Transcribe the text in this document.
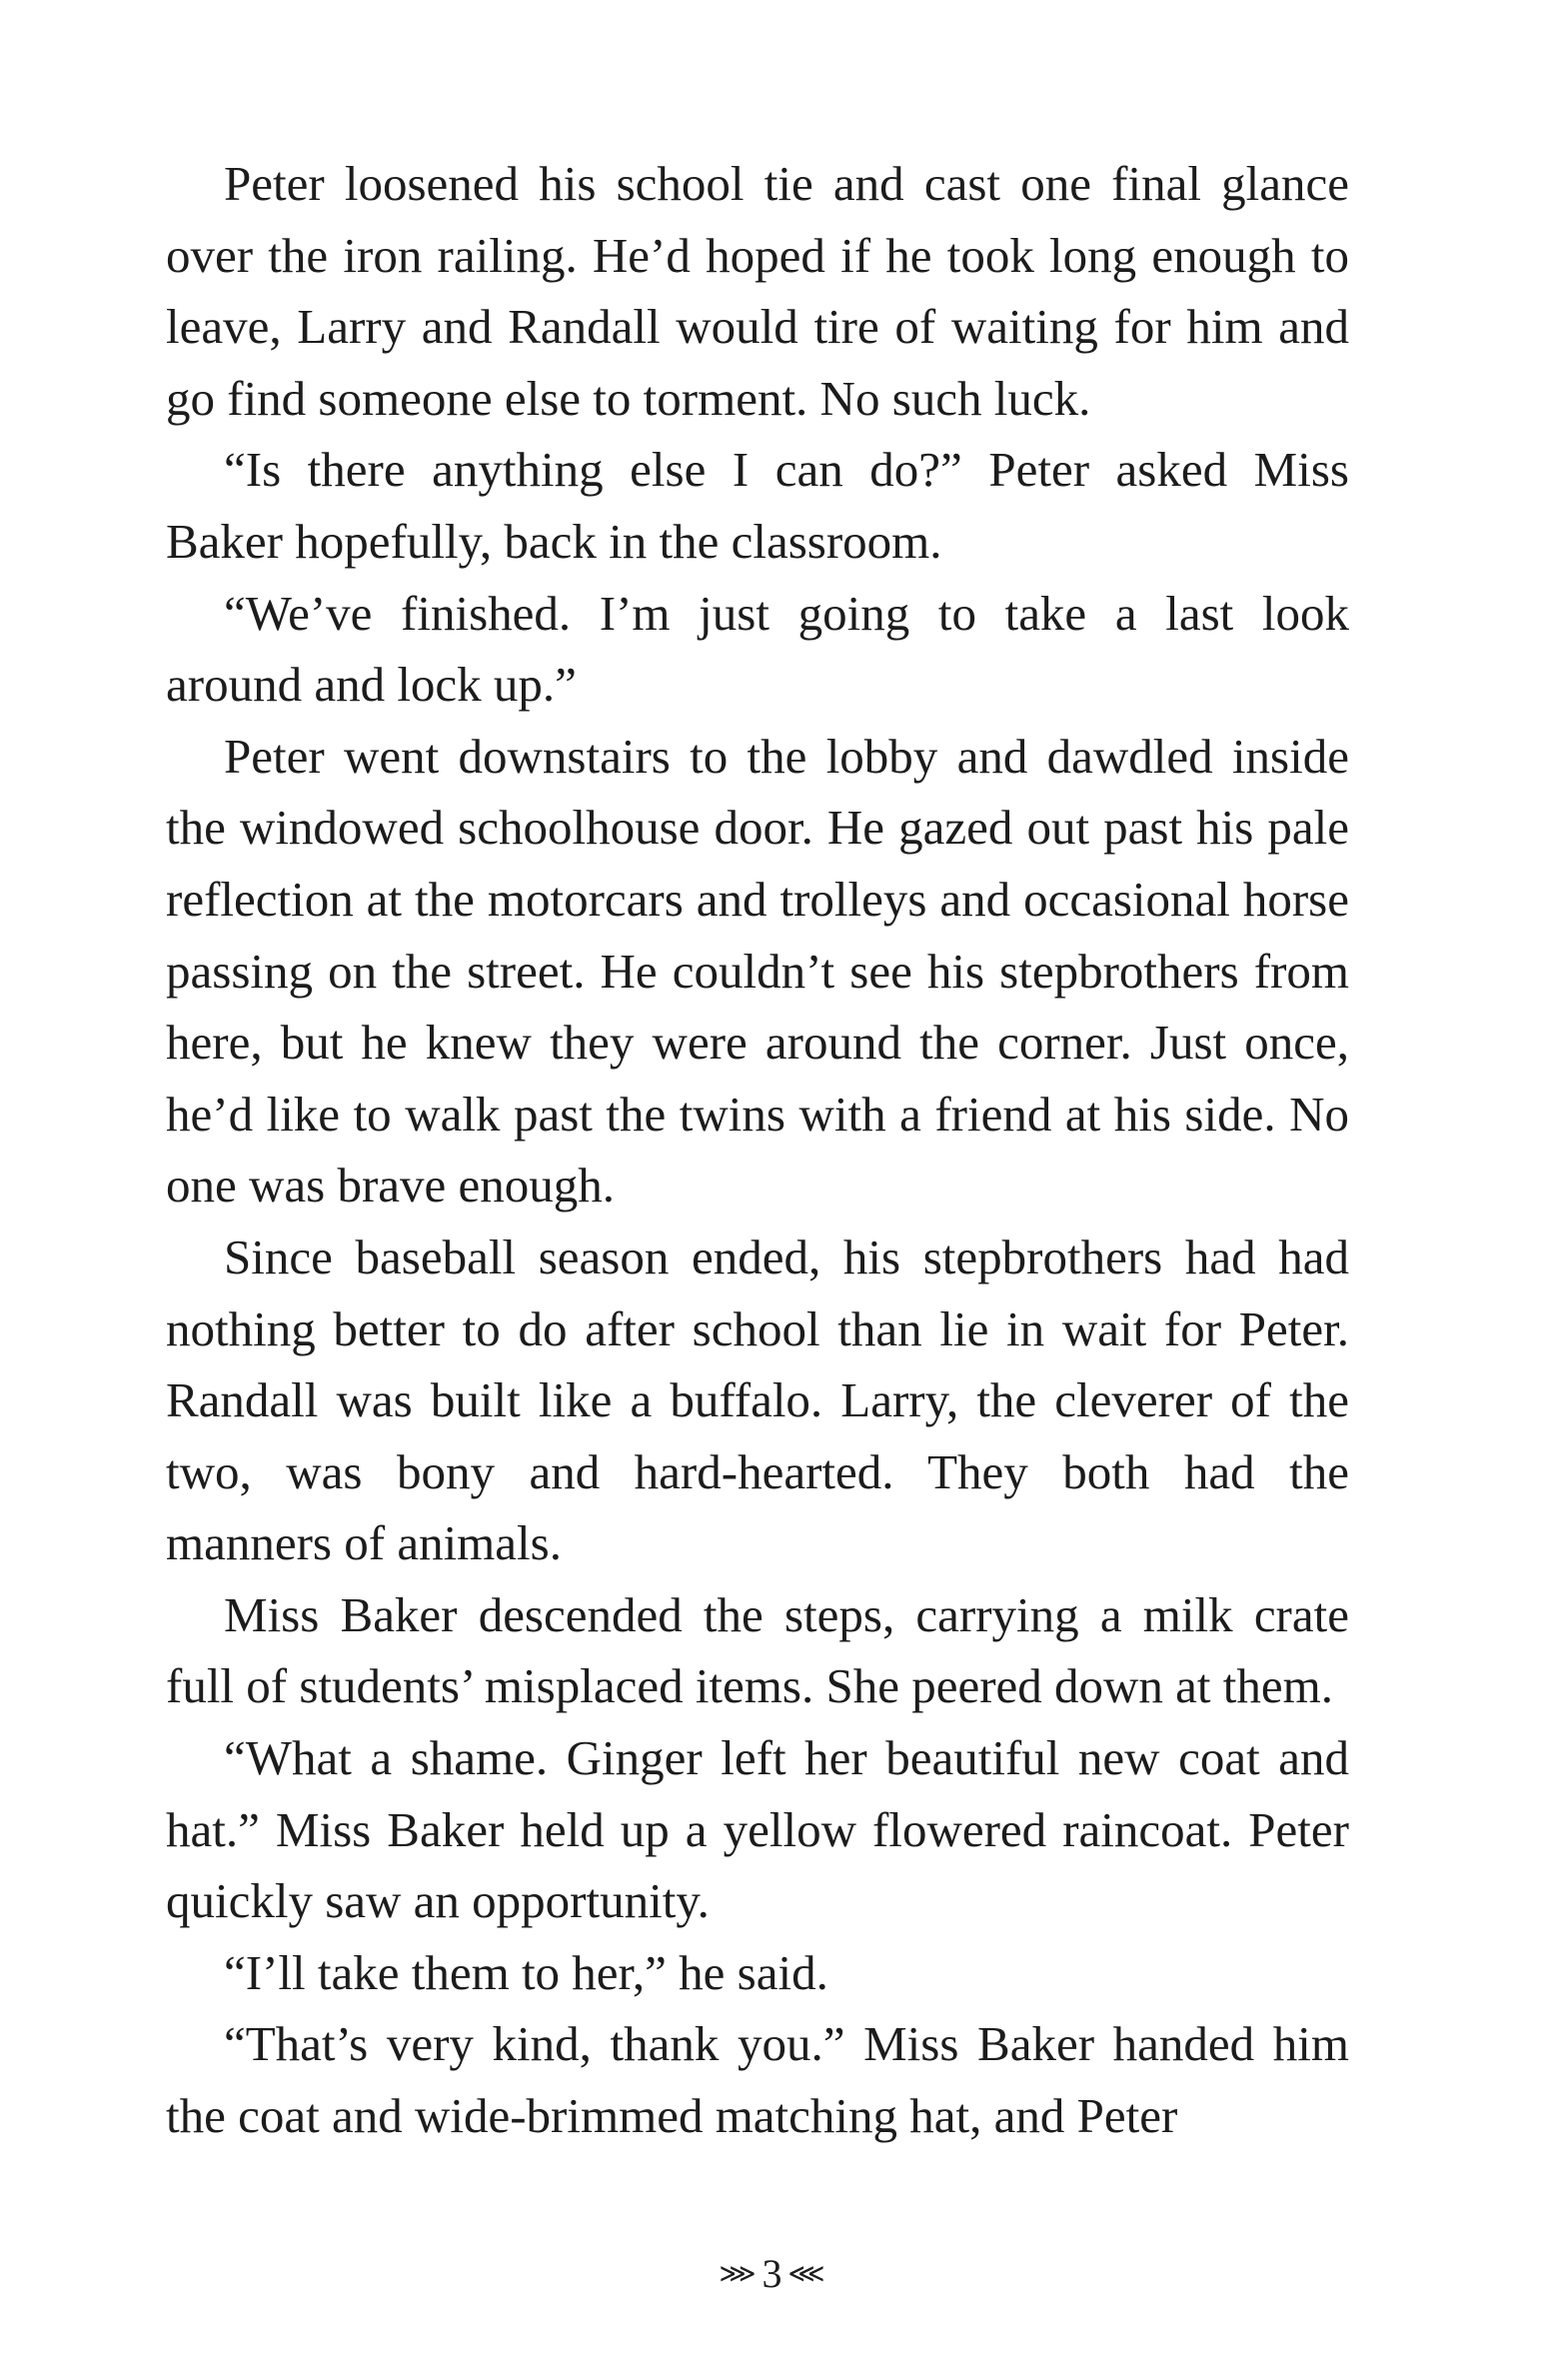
Peter loosened his school tie and cast one final glance over the iron railing. He’d hoped if he took long enough to leave, Larry and Randall would tire of waiting for him and go find someone else to torment. No such luck.

“Is there anything else I can do?” Peter asked Miss Baker hopefully, back in the classroom.

“We’ve finished. I’m just going to take a last look around and lock up.”

Peter went downstairs to the lobby and dawdled inside the windowed schoolhouse door. He gazed out past his pale reflection at the motorcars and trolleys and occasional horse passing on the street. He couldn’t see his stepbrothers from here, but he knew they were around the corner. Just once, he’d like to walk past the twins with a friend at his side. No one was brave enough.

Since baseball season ended, his stepbrothers had had nothing better to do after school than lie in wait for Peter. Randall was built like a buffalo. Larry, the cleverer of the two, was bony and hard-hearted. They both had the manners of animals.

Miss Baker descended the steps, carrying a milk crate full of students’ misplaced items. She peered down at them.

“What a shame. Ginger left her beautiful new coat and hat.” Miss Baker held up a yellow flowered raincoat. Peter quickly saw an opportunity.

“I’ll take them to her,” he said.

“That’s very kind, thank you.” Miss Baker handed him the coat and wide-brimmed matching hat, and Peter

⋙ 3 ⋘
